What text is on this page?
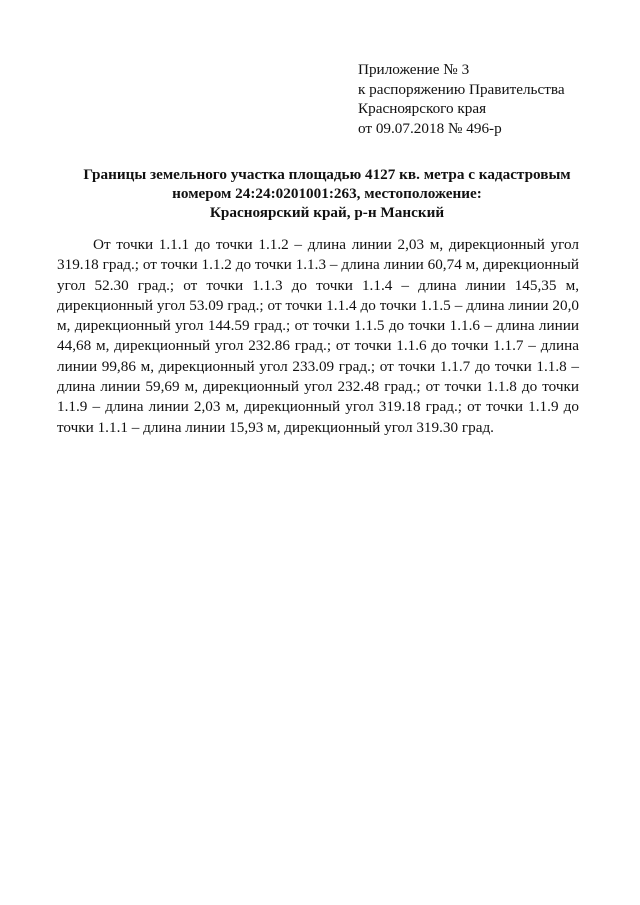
Приложение № 3
к распоряжению Правительства
Красноярского края
от 09.07.2018 № 496-р
Границы земельного участка площадью 4127 кв. метра с кадастровым
номером 24:24:0201001:263, местоположение:
Красноярский край, р-н Манский

От точки 1.1.1 до точки 1.1.2 – длина линии 2,03 м, дирекционный угол 319.18 град.; от точки 1.1.2 до точки 1.1.3 – длина линии 60,74 м, дирекционный угол 52.30 град.; от точки 1.1.3 до точки 1.1.4 – длина линии 145,35 м, дирекционный угол 53.09 град.; от точки 1.1.4 до точки 1.1.5 – длина линии 20,0 м, дирекционный угол 144.59 град.; от точки 1.1.5 до точки 1.1.6 – длина линии 44,68 м, дирекционный угол 232.86 град.; от точки 1.1.6 до точки 1.1.7 – длина линии 99,86 м, дирекционный угол 233.09 град.; от точки 1.1.7 до точки 1.1.8 – длина линии 59,69 м, дирекционный угол 232.48 град.; от точки 1.1.8 до точки 1.1.9 – длина линии 2,03 м, дирекционный угол 319.18 град.; от точки 1.1.9 до точки 1.1.1 – длина линии 15,93 м, дирекционный угол 319.30 град.
